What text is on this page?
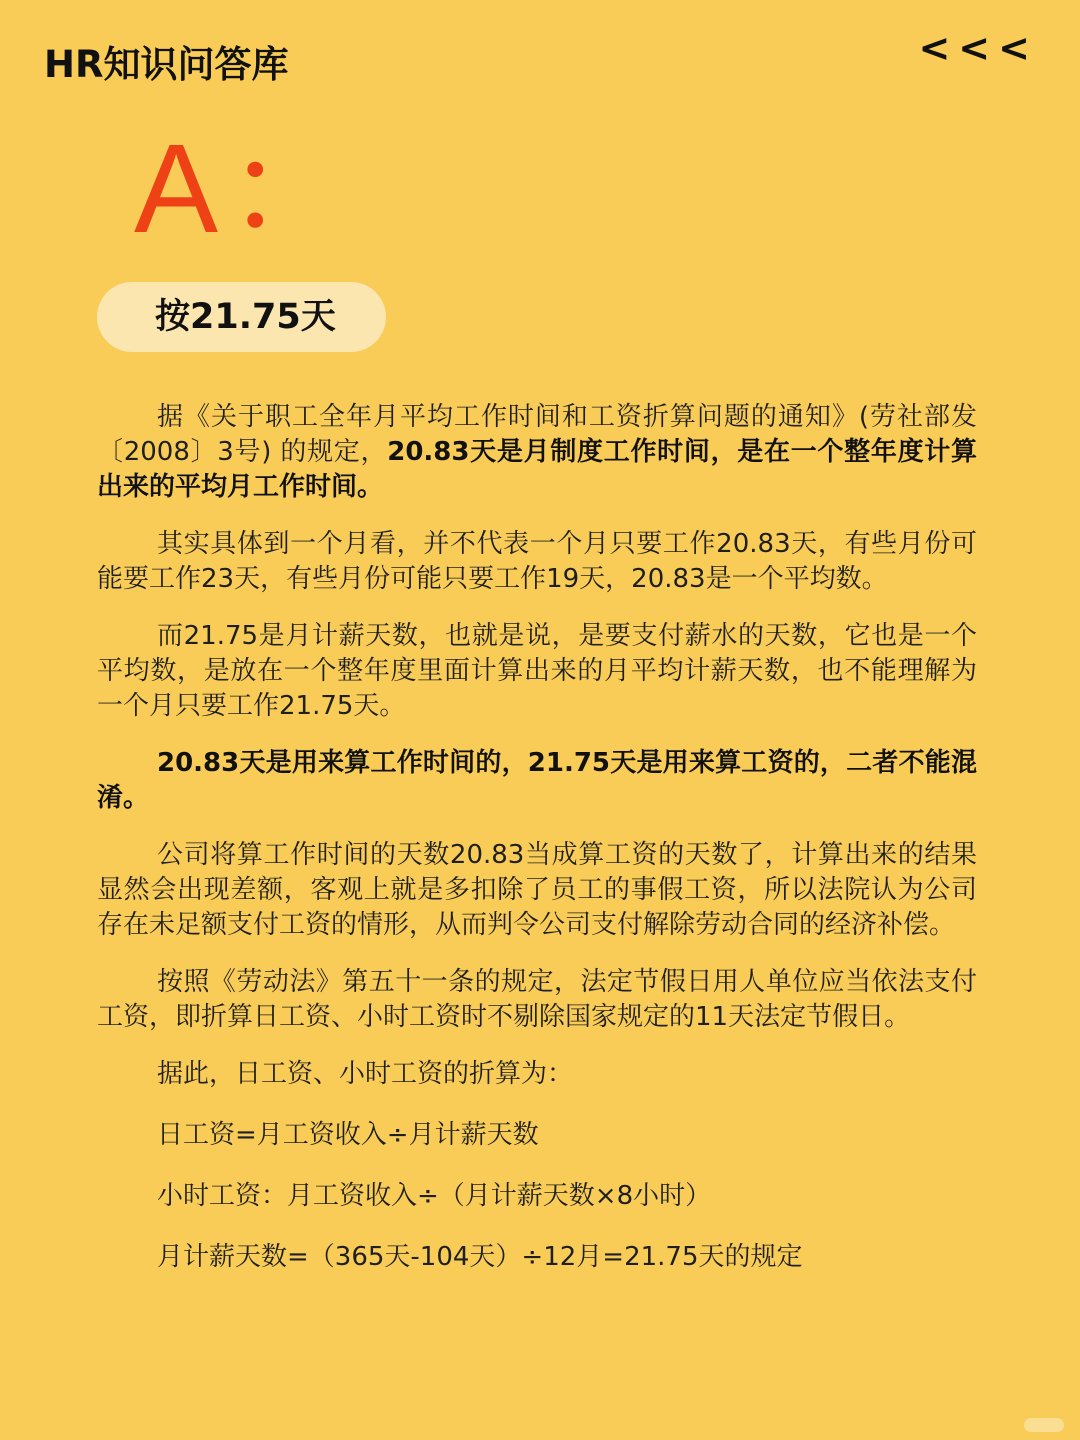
HR知识问答库	<<<
A：
按21.75天

据《关于职工全年月平均工作时间和工资折算问题的通知》(劳社部发〔2008〕3号) 的规定，20.83天是月制度工作时间，是在一个整年度计算出来的平均月工作时间。

其实具体到一个月看，并不代表一个月只要工作20.83天，有些月份可能要工作23天，有些月份可能只要工作19天，20.83是一个平均数。

而21.75是月计薪天数，也就是说，是要支付薪水的天数，它也是一个平均数，是放在一个整年度里面计算出来的月平均计薪天数，也不能理解为一个月只要工作21.75天。

20.83天是用来算工作时间的，21.75天是用来算工资的，二者不能混淆。

公司将算工作时间的天数20.83当成算工资的天数了，计算出来的结果显然会出现差额，客观上就是多扣除了员工的事假工资，所以法院认为公司存在未足额支付工资的情形，从而判令公司支付解除劳动合同的经济补偿。

按照《劳动法》第五十一条的规定，法定节假日用人单位应当依法支付工资，即折算日工资、小时工资时不剔除国家规定的11天法定节假日。

据此，日工资、小时工资的折算为：

日工资=月工资收入÷月计薪天数

小时工资：月工资收入÷（月计薪天数×8小时）

月计薪天数=（365天-104天）÷12月=21.75天的规定
